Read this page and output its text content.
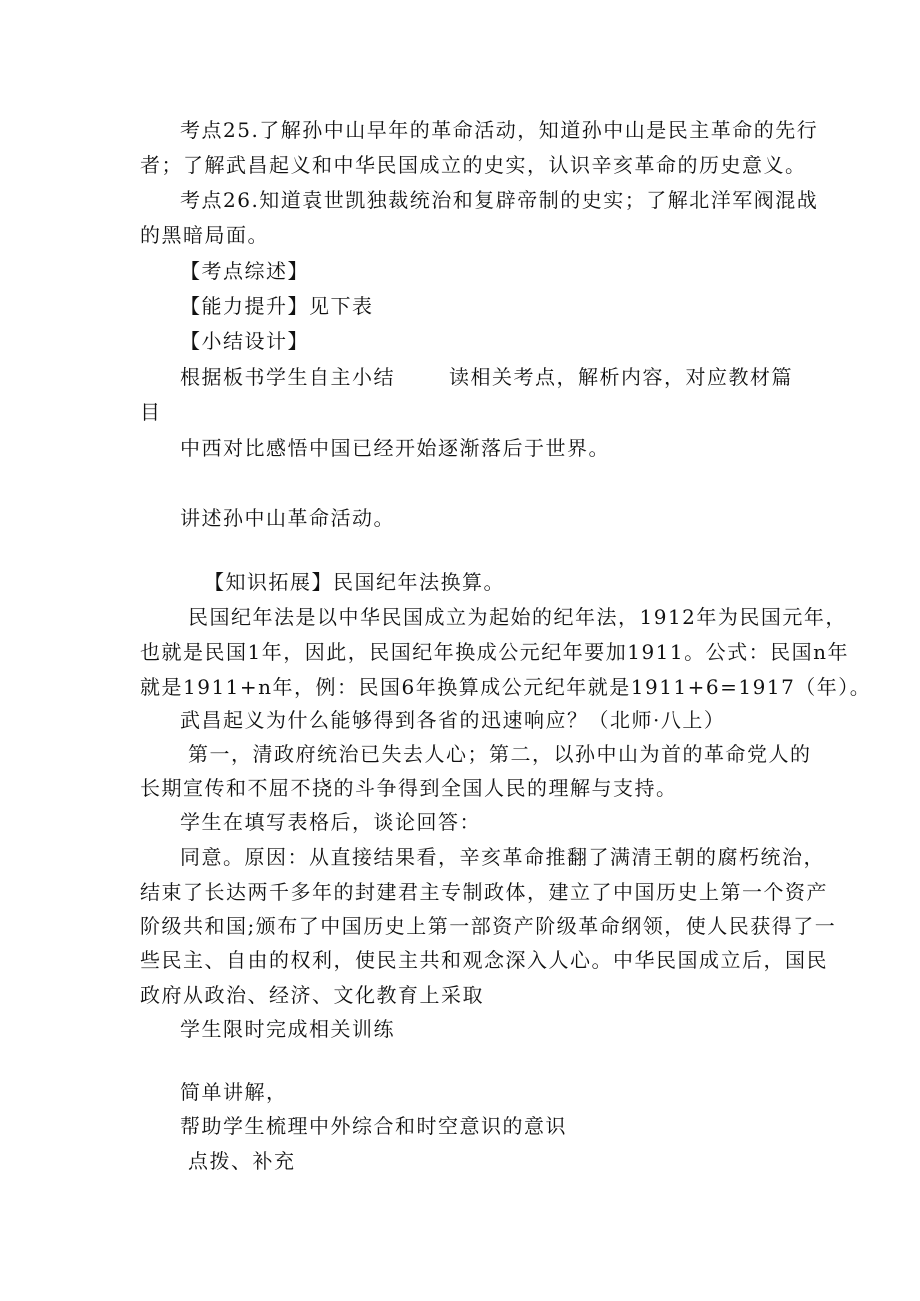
考点25.了解孙中山早年的革命活动，知道孙中山是民主革命的先行
者；了解武昌起义和中华民国成立的史实，认识辛亥革命的历史意义。
考点26.知道袁世凯独裁统治和复辟帝制的史实；了解北洋军阀混战
的黑暗局面。
【考点综述】
【能力提升】见下表
【小结设计】
根据板书学生自主小结	读相关考点，解析内容，对应教材篇
目
中西对比感悟中国已经开始逐渐落后于世界。
讲述孙中山革命活动。
【知识拓展】民国纪年法换算。
民国纪年法是以中华民国成立为起始的纪年法，1912年为民国元年，
也就是民国1年，因此，民国纪年换成公元纪年要加1911。公式：民国n年
就是1911+n年，例：民国6年换算成公元纪年就是1911+6=1917（年）。
武昌起义为什么能够得到各省的迅速响应？（北师·八上）
第一，清政府统治已失去人心；第二，以孙中山为首的革命党人的
长期宣传和不屈不挠的斗争得到全国人民的理解与支持。
学生在填写表格后，谈论回答：
同意。原因：从直接结果看，辛亥革命推翻了满清王朝的腐朽统治，
结束了长达两千多年的封建君主专制政体，建立了中国历史上第一个资产
阶级共和国;颁布了中国历史上第一部资产阶级革命纲领，使人民获得了一
些民主、自由的权利，使民主共和观念深入人心。中华民国成立后，国民
政府从政治、经济、文化教育上采取
学生限时完成相关训练
简单讲解，
帮助学生梳理中外综合和时空意识的意识
点拨、补充
